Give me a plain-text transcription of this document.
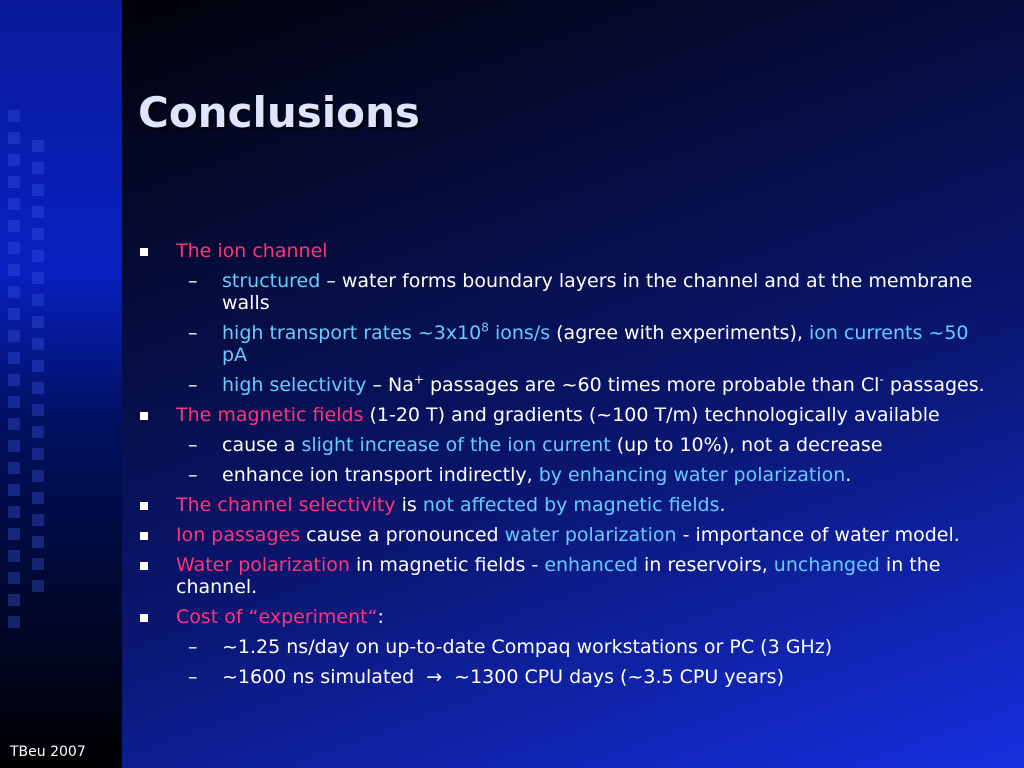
Conclusions
The ion channel
– structured – water forms boundary layers in the channel and at the membrane walls
– high transport rates $\sim 3x10^8$ ions/s (agree with experiments), ion currents ~50 pA
– high selectivity – Na+ passages are ~60 times more probable than Cl- passages.
The magnetic fields (1-20 T) and gradients (~100 T/m) technologically available
– cause a slight increase of the ion current (up to 10%), not a decrease
– enhance ion transport indirectly, by enhancing water polarization.
The channel selectivity is not affected by magnetic fields.
Ion passages cause a pronounced water polarization - importance of water model.
Water polarization in magnetic fields - enhanced in reservoirs, unchanged in the channel.
Cost of “experiment“:
– ~1.25 ns/day on up-to-date Compaq workstations or PC (3 GHz)
– ~1600 ns simulated → ~1300 CPU days (~3.5 CPU years)
TBeu 2007
